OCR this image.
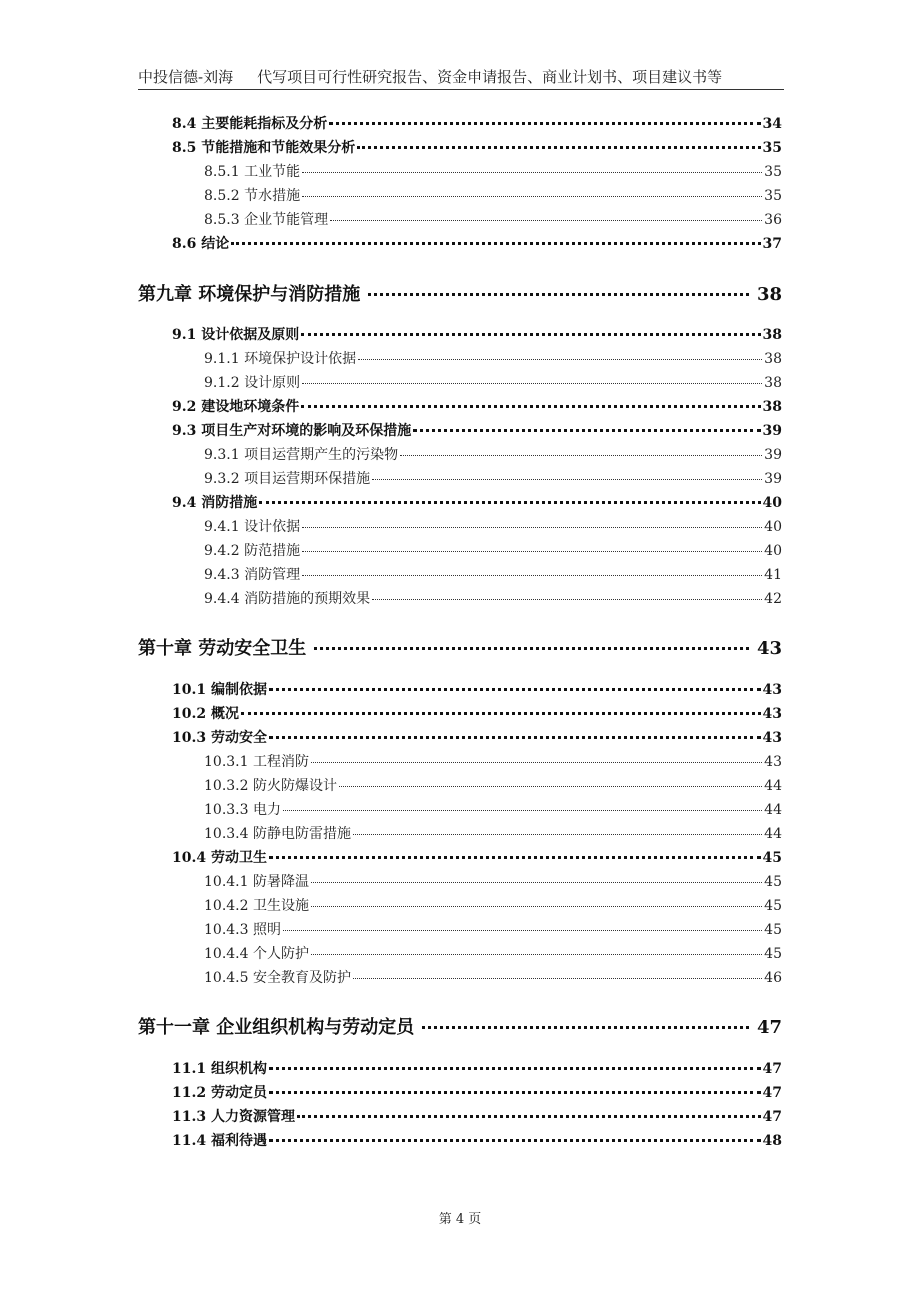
中投信德-刘海 代写项目可行性研究报告、资金申请报告、商业计划书、项目建议书等
8.4 主要能耗指标及分析	34
8.5 节能措施和节能效果分析	35
8.5.1 工业节能	35
8.5.2 节水措施	35
8.5.3 企业节能管理	36
8.6 结论	37
第九章 环境保护与消防措施	38
9.1 设计依据及原则	38
9.1.1 环境保护设计依据	38
9.1.2 设计原则	38
9.2 建设地环境条件	38
9.3 项目生产对环境的影响及环保措施	39
9.3.1 项目运营期产生的污染物	39
9.3.2 项目运营期环保措施	39
9.4 消防措施	40
9.4.1 设计依据	40
9.4.2 防范措施	40
9.4.3 消防管理	41
9.4.4 消防措施的预期效果	42
第十章 劳动安全卫生	43
10.1 编制依据	43
10.2 概况	43
10.3 劳动安全	43
10.3.1 工程消防	43
10.3.2 防火防爆设计	44
10.3.3 电力	44
10.3.4 防静电防雷措施	44
10.4 劳动卫生	45
10.4.1 防暑降温	45
10.4.2 卫生设施	45
10.4.3 照明	45
10.4.4 个人防护	45
10.4.5 安全教育及防护	46
第十一章 企业组织机构与劳动定员	47
11.1 组织机构	47
11.2 劳动定员	47
11.3 人力资源管理	47
11.4 福利待遇	48
第 4 页
